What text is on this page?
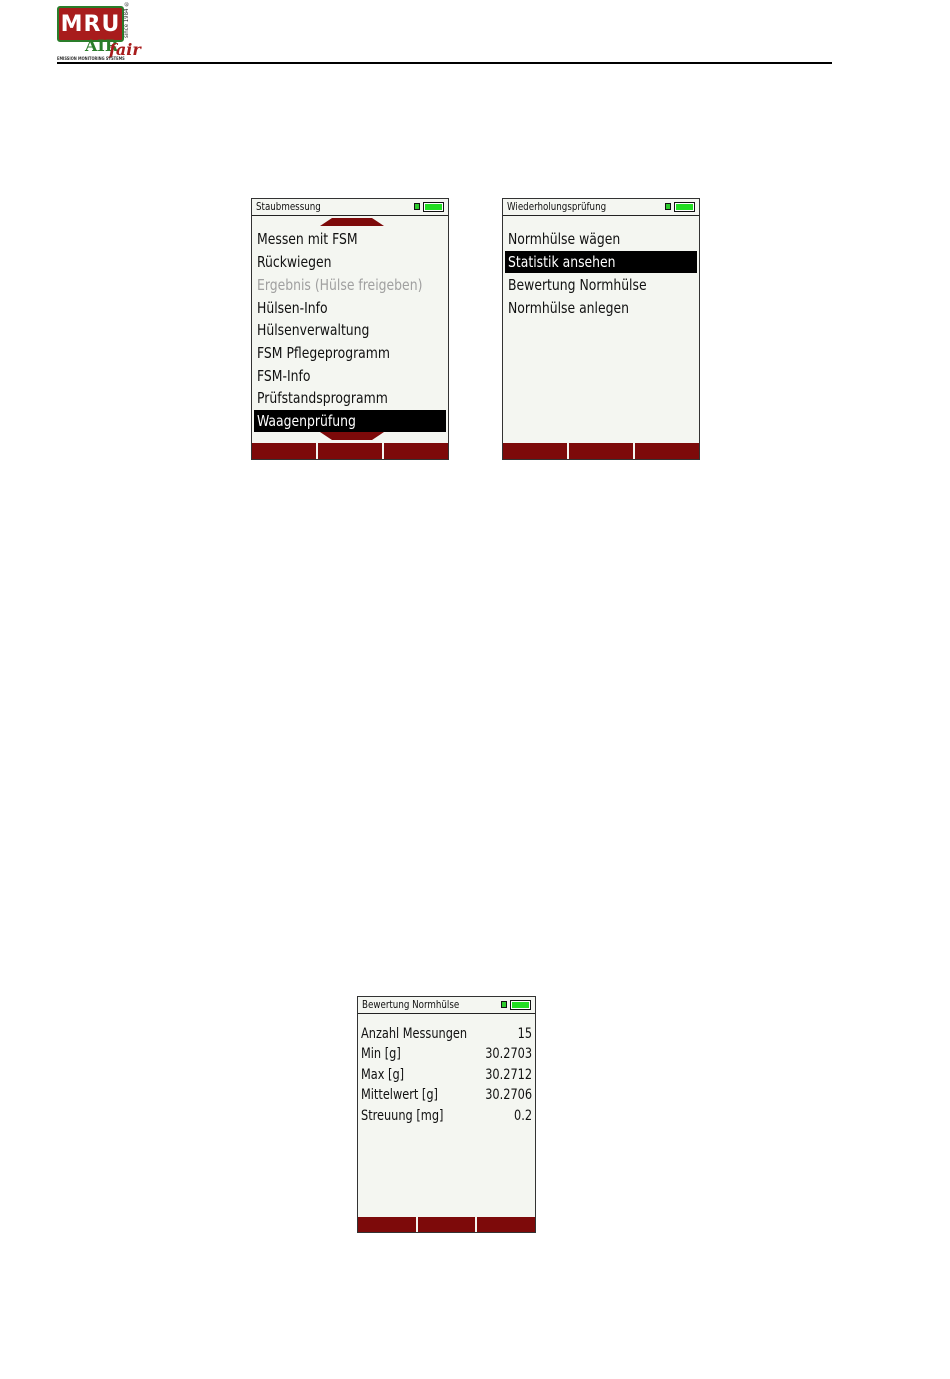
MRU since 1984 ®
AIR
fair
EMISSION MONITORING SYSTEMS
Staubmessung
Messen mit FSM
Rückwiegen
Ergebnis (Hülse freigeben)
Hülsen-Info
Hülsenverwaltung
FSM Pflegeprogramm
FSM-Info
Prüfstandsprogramm
Waagenprüfung
Wiederholungsprüfung
Normhülse wägen
Statistik ansehen
Bewertung Normhülse
Normhülse anlegen
Bewertung Normhülse
Anzahl Messungen	15
Min [g]	30.2703
Max [g]	30.2712
Mittelwert [g]	30.2706
Streuung [mg]	0.2
